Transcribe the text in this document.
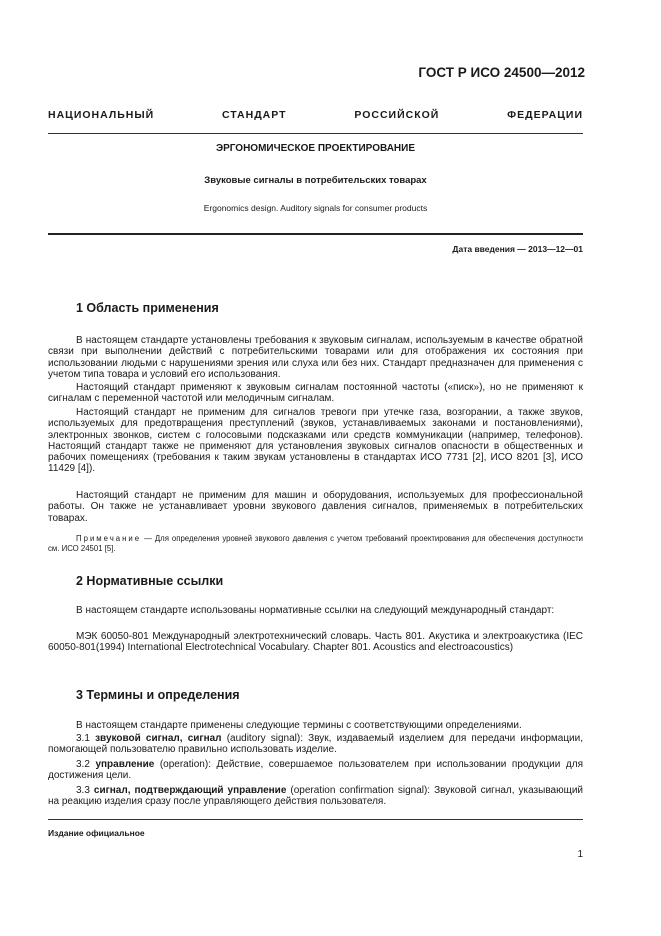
ГОСТ Р ИСО 24500—2012
НАЦИОНАЛЬНЫЙ СТАНДАРТ РОССИЙСКОЙ ФЕДЕРАЦИИ
ЭРГОНОМИЧЕСКОЕ ПРОЕКТИРОВАНИЕ
Звуковые сигналы в потребительских товарах
Ergonomics design. Auditory signals for consumer products
Дата введения — 2013—12—01
1 Область применения

В настоящем стандарте установлены требования к звуковым сигналам, используемым в качестве обратной связи при выполнении действий с потребительскими товарами или для отображения их состояния при использовании людьми с нарушениями зрения или слуха или без них. Стандарт предназначен для применения с учетом типа товара и условий его использования.

Настоящий стандарт применяют к звуковым сигналам постоянной частоты («писк»), но не применяют к сигналам с переменной частотой или мелодичным сигналам.

Настоящий стандарт не применим для сигналов тревоги при утечке газа, возгорании, а также звуков, используемых для предотвращения преступлений (звуков, устанавливаемых законами и постановлениями), электронных звонков, систем с голосовыми подсказками или средств коммуникации (например, телефонов). Настоящий стандарт также не применяют для установления звуковых сигналов опасности в общественных и рабочих помещениях (требования к таким звукам установлены в стандартах ИСО 7731 [2], ИСО 8201 [3], ИСО 11429 [4]).

Настоящий стандарт не применим для машин и оборудования, используемых для профессиональной работы. Он также не устанавливает уровни звукового давления сигналов, применяемых в потребительских товарах.

Примечание — Для определения уровней звукового давления с учетом требований проектирования для обеспечения доступности см. ИСО 24501 [5].

2 Нормативные ссылки

В настоящем стандарте использованы нормативные ссылки на следующий международный стандарт:

МЭК 60050-801 Международный электротехнический словарь. Часть 801. Акустика и электроакустика (IEC 60050-801(1994) International Electrotechnical Vocabulary. Chapter 801. Acoustics and electroacoustics)

3 Термины и определения

В настоящем стандарте применены следующие термины с соответствующими определениями.

3.1 звуковой сигнал, сигнал (auditory signal): Звук, издаваемый изделием для передачи информации, помогающей пользователю правильно использовать изделие.

3.2 управление (operation): Действие, совершаемое пользователем при использовании продукции для достижения цели.

3.3 сигнал, подтверждающий управление (operation confirmation signal): Звуковой сигнал, указывающий на реакцию изделия сразу после управляющего действия пользователя.

Издание официальное
1
